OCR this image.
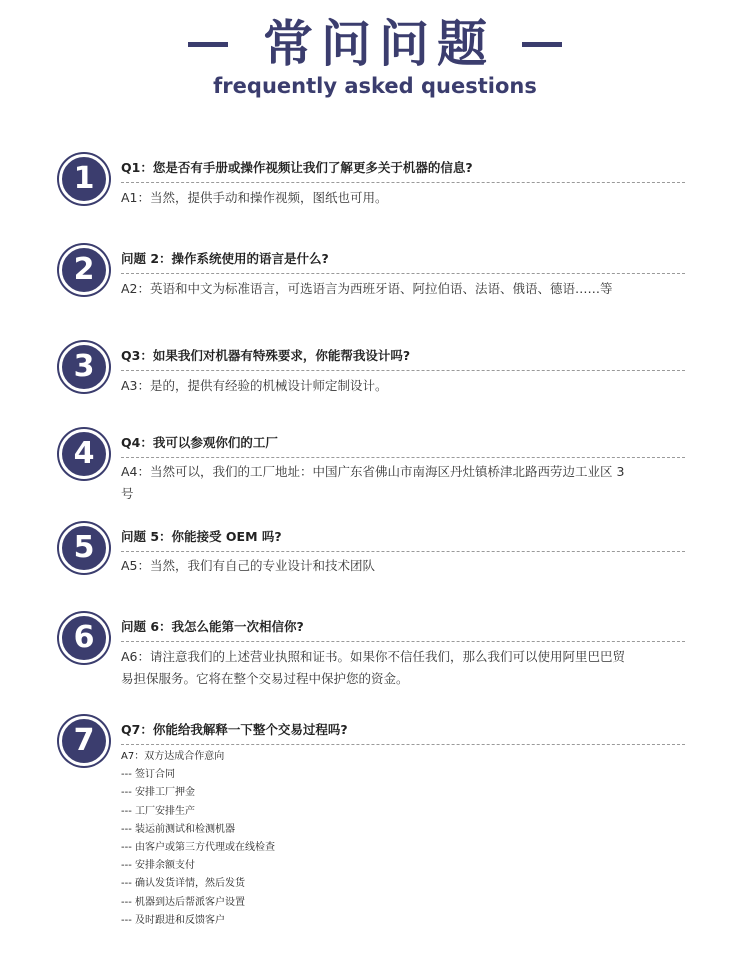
常问问题
frequently asked questions
1	Q1：您是否有手册或操作视频让我们了解更多关于机器的信息?
A1：当然，提供手动和操作视频，图纸也可用。
2	问题 2：操作系统使用的语言是什么?
A2：英语和中文为标准语言，可选语言为西班牙语、阿拉伯语、法语、俄语、德语……等
3	Q3：如果我们对机器有特殊要求，你能帮我设计吗?
A3：是的，提供有经验的机械设计师定制设计。
4	Q4：我可以参观你们的工厂
A4：当然可以，我们的工厂地址：中国广东省佛山市南海区丹灶镇桥津北路西劳边工业区 3 号
5	问题 5：你能接受 OEM 吗?
A5：当然，我们有自己的专业设计和技术团队
6	问题 6：我怎么能第一次相信你?
A6：请注意我们的上述营业执照和证书。如果你不信任我们，那么我们可以使用阿里巴巴贸易担保服务。它将在整个交易过程中保护您的资金。
7	Q7：你能给我解释一下整个交易过程吗?
A7：双方达成合作意向
--- 签订合同
--- 安排工厂押金
--- 工厂安排生产
--- 装运前测试和检测机器
--- 由客户或第三方代理或在线检查
--- 安排余额支付
--- 确认发货详情，然后发货
--- 机器到达后帮派客户设置
--- 及时跟进和反馈客户
